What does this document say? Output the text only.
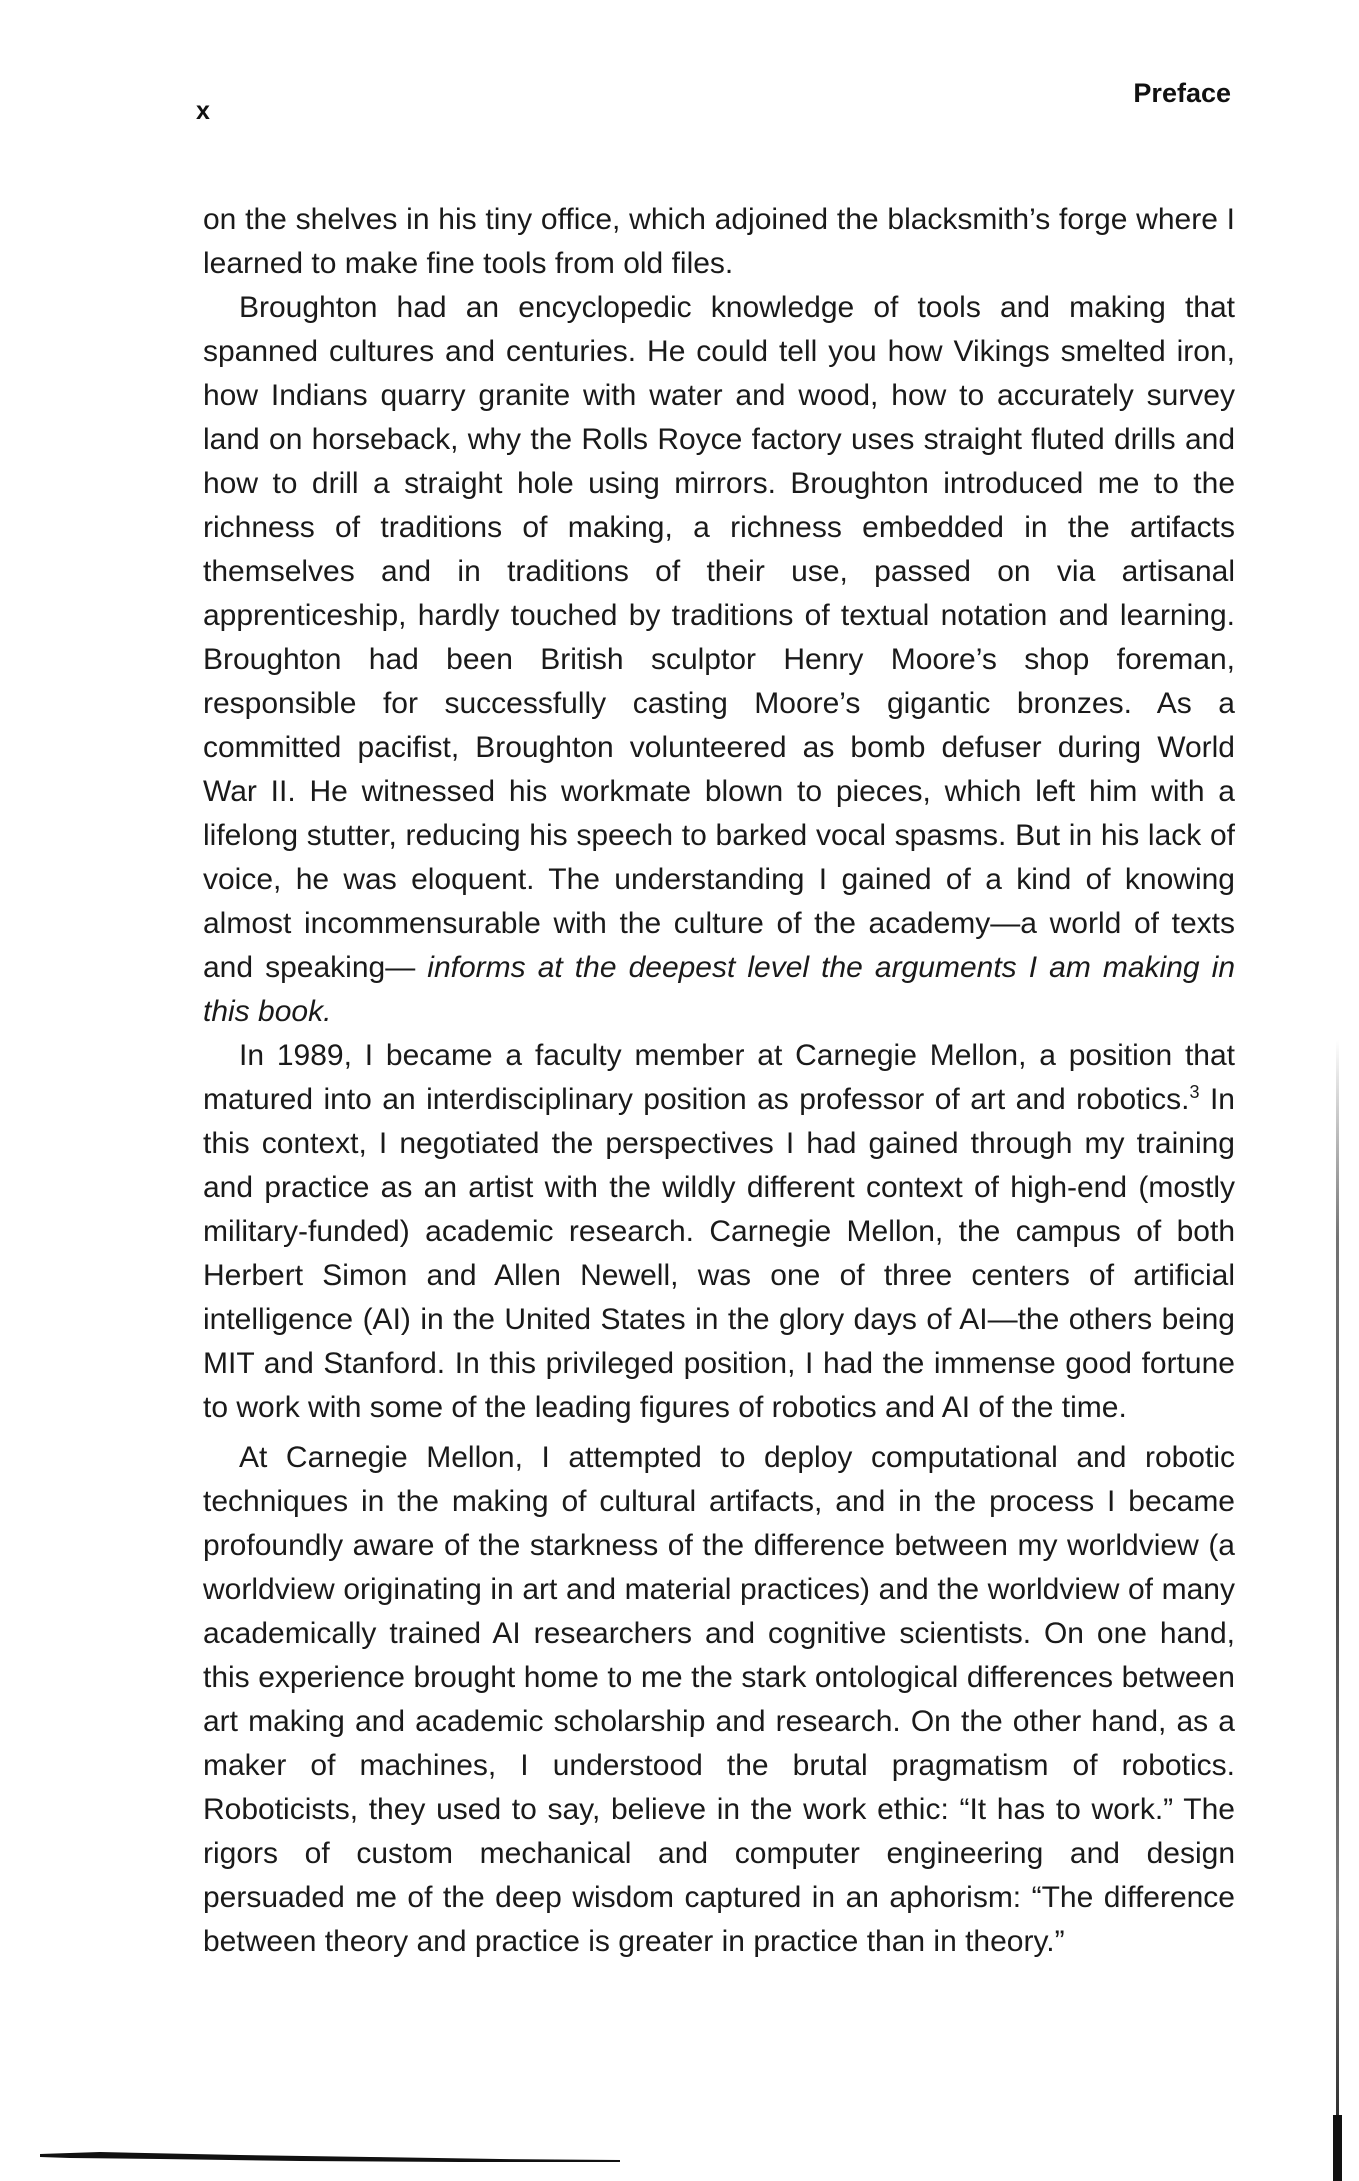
x
Preface

on the shelves in his tiny office, which adjoined the blacksmith’s forge where I learned to make fine tools from old files.

Broughton had an encyclopedic knowledge of tools and making that spanned cultures and centuries. He could tell you how Vikings smelted iron, how Indians quarry granite with water and wood, how to accurately survey land on horseback, why the Rolls Royce factory uses straight fluted drills and how to drill a straight hole using mirrors. Broughton introduced me to the richness of traditions of making, a richness embedded in the artifacts themselves and in traditions of their use, passed on via artisanal apprenticeship, hardly touched by traditions of textual notation and learning. Broughton had been British sculptor Henry Moore’s shop foreman, responsible for successfully casting Moore’s gigantic bronzes. As a committed pacifist, Broughton volunteered as bomb defuser during World War II. He witnessed his workmate blown to pieces, which left him with a lifelong stutter, reducing his speech to barked vocal spasms. But in his lack of voice, he was eloquent. The understanding I gained of a kind of knowing almost incommensurable with the culture of the academy—a world of texts and speaking— informs at the deepest level the arguments I am making in this book.

In 1989, I became a faculty member at Carnegie Mellon, a position that matured into an interdisciplinary position as professor of art and robotics.$^3$ In this context, I negotiated the perspectives I had gained through my training and practice as an artist with the wildly different context of high-end (mostly military-funded) academic research. Carnegie Mellon, the campus of both Herbert Simon and Allen Newell, was one of three centers of artificial intelligence (AI) in the United States in the glory days of AI—the others being MIT and Stanford. In this privileged position, I had the immense good fortune to work with some of the leading figures of robotics and AI of the time.

At Carnegie Mellon, I attempted to deploy computational and robotic techniques in the making of cultural artifacts, and in the process I became profoundly aware of the starkness of the difference between my worldview (a worldview originating in art and material practices) and the worldview of many academically trained AI researchers and cognitive scientists. On one hand, this experience brought home to me the stark ontological differences between art making and academic scholarship and research. On the other hand, as a maker of machines, I understood the brutal pragmatism of robotics. Roboticists, they used to say, believe in the work ethic: “It has to work.” The rigors of custom mechanical and computer engineering and design persuaded me of the deep wisdom captured in an aphorism: “The difference between theory and practice is greater in practice than in theory.”
